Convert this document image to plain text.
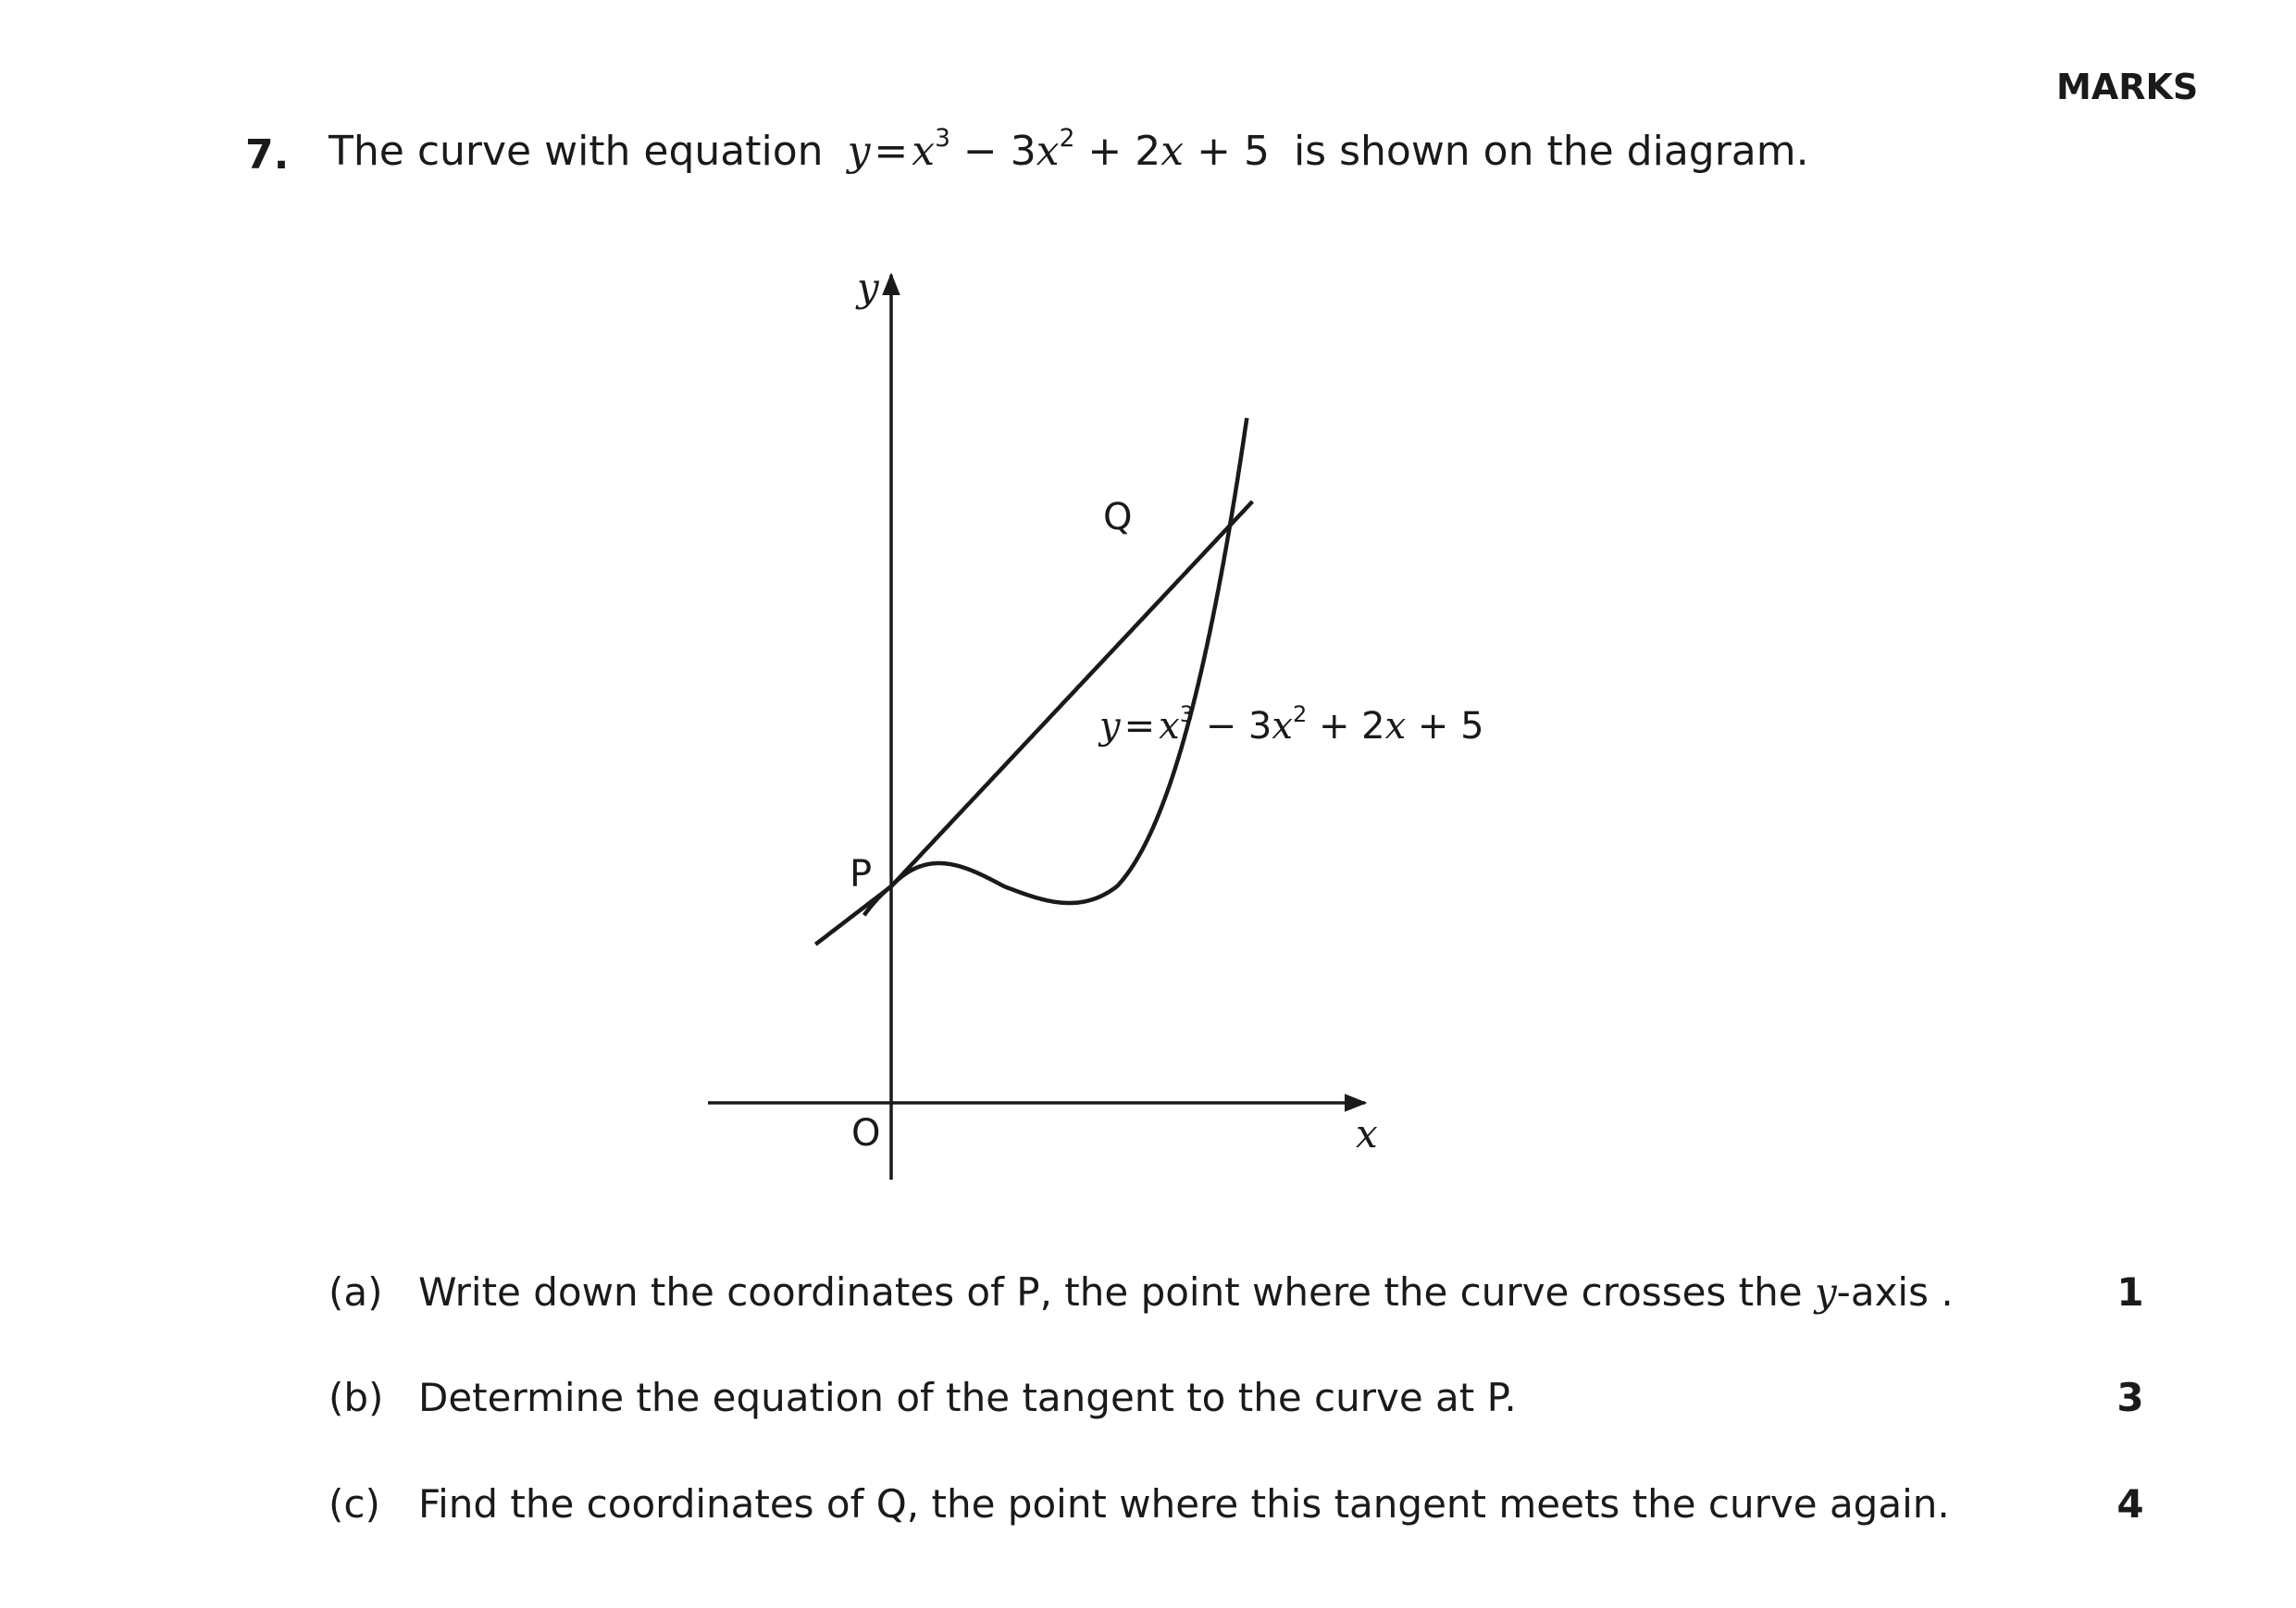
MARKS
7. The curve with equation $y=x^3 - 3x^2 + 2x + 5$ is shown on the diagram.
y
x
O
P
Q
$y = x^3 - 3x^2 + 2x + 5$
(a) Write down the coordinates of P, the point where the curve crosses the y-axis .	1
(b) Determine the equation of the tangent to the curve at P.	3
(c) Find the coordinates of Q, the point where this tangent meets the curve again.	4
